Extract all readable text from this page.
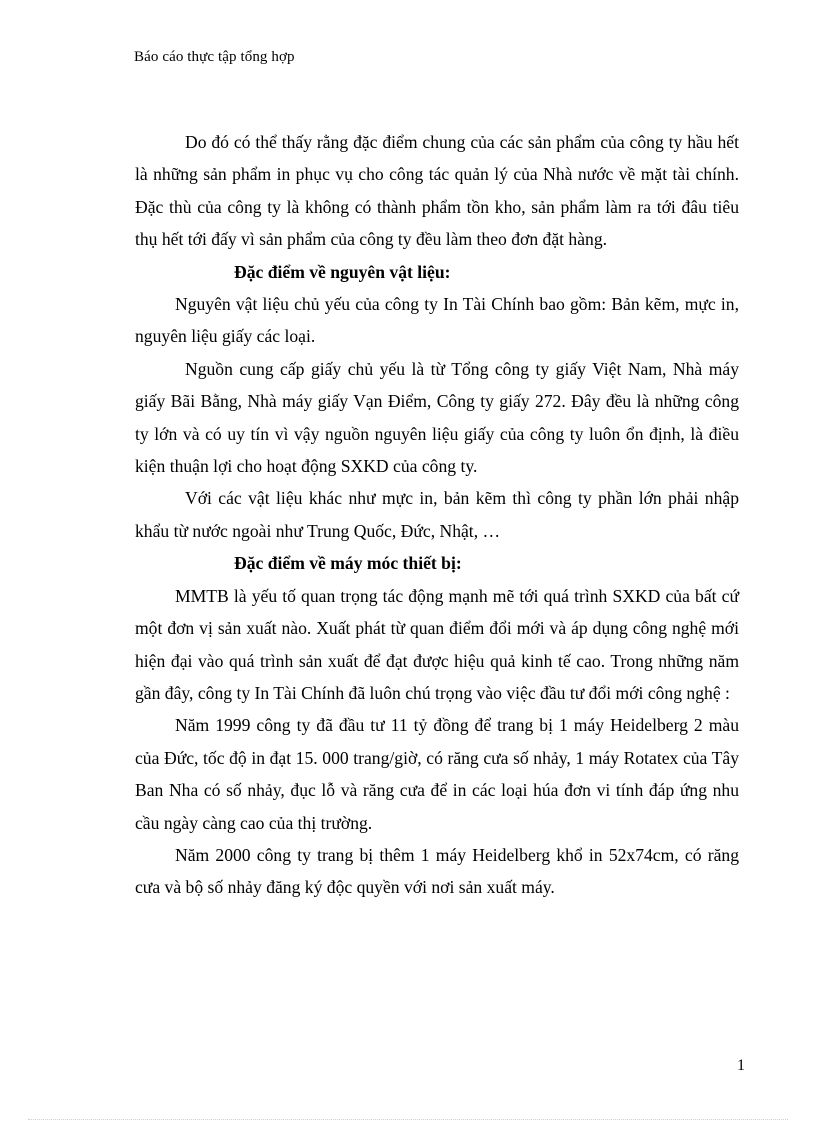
Báo cáo thực tập tổng hợp

Do đó có thể thấy rằng đặc điểm chung của các sản phẩm của công ty hầu hết là những sản phẩm in phục vụ cho công tác quản lý của Nhà nước về mặt tài chính. Đặc thù của công ty là không có thành phẩm tồn kho, sản phẩm làm ra tới đâu tiêu thụ hết tới đấy vì sản phẩm của công ty đều làm theo đơn đặt hàng.

Đặc điểm về nguyên vật liệu:

Nguyên vật liệu chủ yếu của công ty In Tài Chính bao gồm: Bản kẽm, mực in, nguyên liệu giấy các loại.

Nguồn cung cấp giấy chủ yếu là từ Tổng công ty giấy Việt Nam, Nhà máy giấy Bãi Bằng, Nhà máy giấy Vạn Điểm, Công ty giấy 272. Đây đều là những công ty lớn và có uy tín vì vậy nguồn nguyên liệu giấy của công ty luôn ổn định, là điều kiện thuận lợi cho hoạt động SXKD của công ty.

Với các vật liệu khác như mực in, bản kẽm thì công ty phần lớn phải nhập khẩu từ nước ngoài như Trung Quốc, Đức, Nhật, …

Đặc điểm về máy móc thiết bị:

MMTB là yếu tố quan trọng tác động mạnh mẽ tới quá trình SXKD của bất cứ một đơn vị sản xuất nào. Xuất phát từ quan điểm đổi mới và áp dụng công nghệ mới hiện đại vào quá trình sản xuất để đạt được hiệu quả kinh tế cao. Trong những năm gần đây, công ty In Tài Chính đã luôn chú trọng vào việc đầu tư đổi mới công nghệ :

Năm 1999 công ty đã đầu tư 11 tỷ đồng để trang bị 1 máy Heidelberg 2 màu của Đức, tốc độ in đạt 15. 000 trang/giờ, có răng cưa số nhảy, 1 máy Rotatex của Tây Ban Nha có số nhảy, đục lỗ và răng cưa để in các loại húa đơn vi tính đáp ứng nhu cầu ngày càng cao của thị trường.

Năm 2000 công ty trang bị thêm 1 máy Heidelberg khổ in 52x74cm, có răng cưa và bộ số nhảy đăng ký độc quyền với nơi sản xuất máy.

1
